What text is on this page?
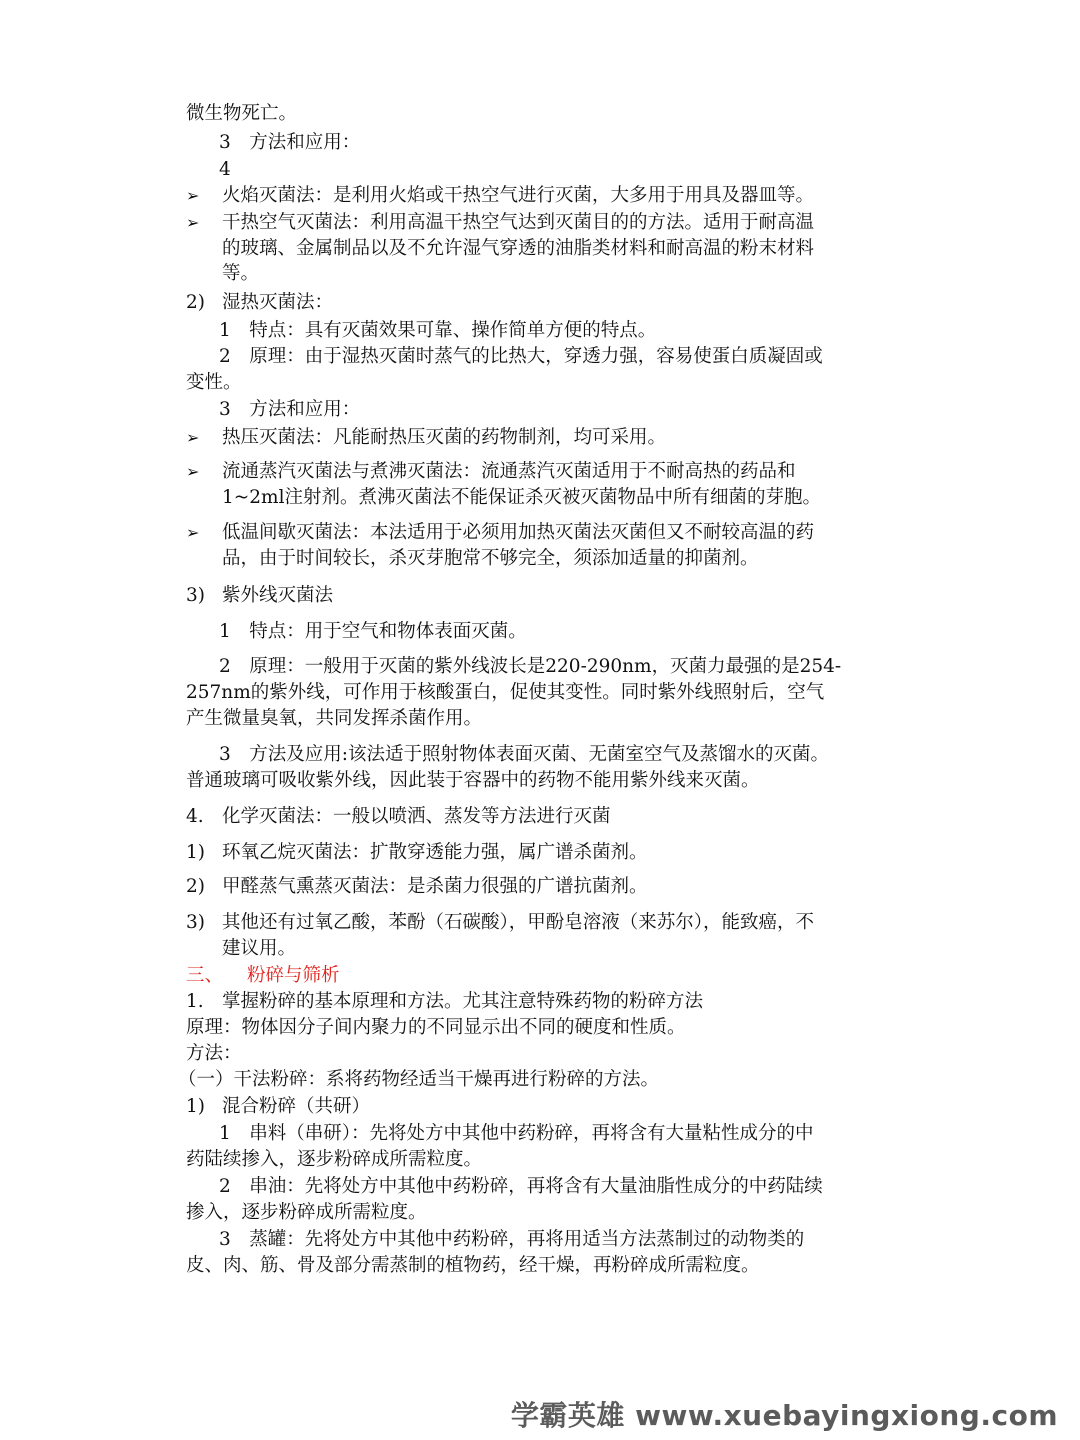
微生物死亡。
3　方法和应用：
4
➢ 火焰灭菌法：是利用火焰或干热空气进行灭菌，大多用于用具及器皿等。
➢ 干热空气灭菌法：利用高温干热空气达到灭菌目的的方法。适用于耐高温
的玻璃、金属制品以及不允许湿气穿透的油脂类材料和耐高温的粉末材料
等。
2) 湿热灭菌法：
1　特点：具有灭菌效果可靠、操作简单方便的特点。
2　原理：由于湿热灭菌时蒸气的比热大，穿透力强，容易使蛋白质凝固或
变性。
3　方法和应用：
➢ 热压灭菌法：凡能耐热压灭菌的药物制剂，均可采用。
➢ 流通蒸汽灭菌法与煮沸灭菌法：流通蒸汽灭菌适用于不耐高热的药品和
1~2ml注射剂。煮沸灭菌法不能保证杀灭被灭菌物品中所有细菌的芽胞。
➢ 低温间歇灭菌法：本法适用于必须用加热灭菌法灭菌但又不耐较高温的药
品，由于时间较长，杀灭芽胞常不够完全，须添加适量的抑菌剂。
3) 紫外线灭菌法
1　特点：用于空气和物体表面灭菌。
2　原理：一般用于灭菌的紫外线波长是220-290nm，灭菌力最强的是254-
257nm的紫外线，可作用于核酸蛋白，促使其变性。同时紫外线照射后，空气
产生微量臭氧，共同发挥杀菌作用。
3　方法及应用:该法适于照射物体表面灭菌、无菌室空气及蒸馏水的灭菌。
普通玻璃可吸收紫外线，因此装于容器中的药物不能用紫外线来灭菌。
4. 化学灭菌法：一般以喷洒、蒸发等方法进行灭菌
1) 环氧乙烷灭菌法：扩散穿透能力强，属广谱杀菌剂。
2) 甲醛蒸气熏蒸灭菌法：是杀菌力很强的广谱抗菌剂。
3) 其他还有过氧乙酸，苯酚（石碳酸），甲酚皂溶液（来苏尔），能致癌，不
建议用。
三、 粉碎与筛析
1. 掌握粉碎的基本原理和方法。尤其注意特殊药物的粉碎方法
原理：物体因分子间内聚力的不同显示出不同的硬度和性质。
方法：
（一）干法粉碎：系将药物经适当干燥再进行粉碎的方法。
1) 混合粉碎（共研）
1　串料（串研）：先将处方中其他中药粉碎，再将含有大量粘性成分的中
药陆续掺入，逐步粉碎成所需粒度。
2　串油：先将处方中其他中药粉碎，再将含有大量油脂性成分的中药陆续
掺入，逐步粉碎成所需粒度。
3　蒸罐：先将处方中其他中药粉碎，再将用适当方法蒸制过的动物类的
皮、肉、筋、骨及部分需蒸制的植物药，经干燥，再粉碎成所需粒度。
学霸英雄 www.xuebayingxiong.com
